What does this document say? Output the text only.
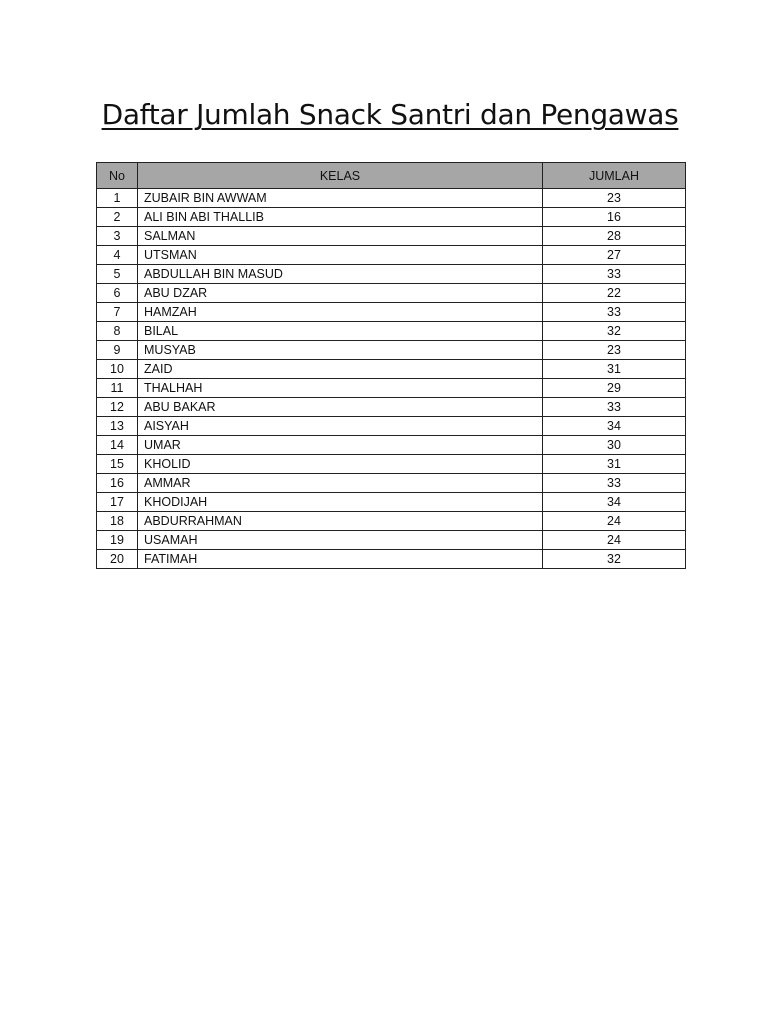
Daftar Jumlah Snack Santri dan Pengawas
No	KELAS	JUMLAH
1	ZUBAIR BIN AWWAM	23
2	ALI BIN ABI THALLIB	16
3	SALMAN	28
4	UTSMAN	27
5	ABDULLAH BIN MASUD	33
6	ABU DZAR	22
7	HAMZAH	33
8	BILAL	32
9	MUSYAB	23
10	ZAID	31
11	THALHAH	29
12	ABU BAKAR	33
13	AISYAH	34
14	UMAR	30
15	KHOLID	31
16	AMMAR	33
17	KHODIJAH	34
18	ABDURRAHMAN	24
19	USAMAH	24
20	FATIMAH	32
